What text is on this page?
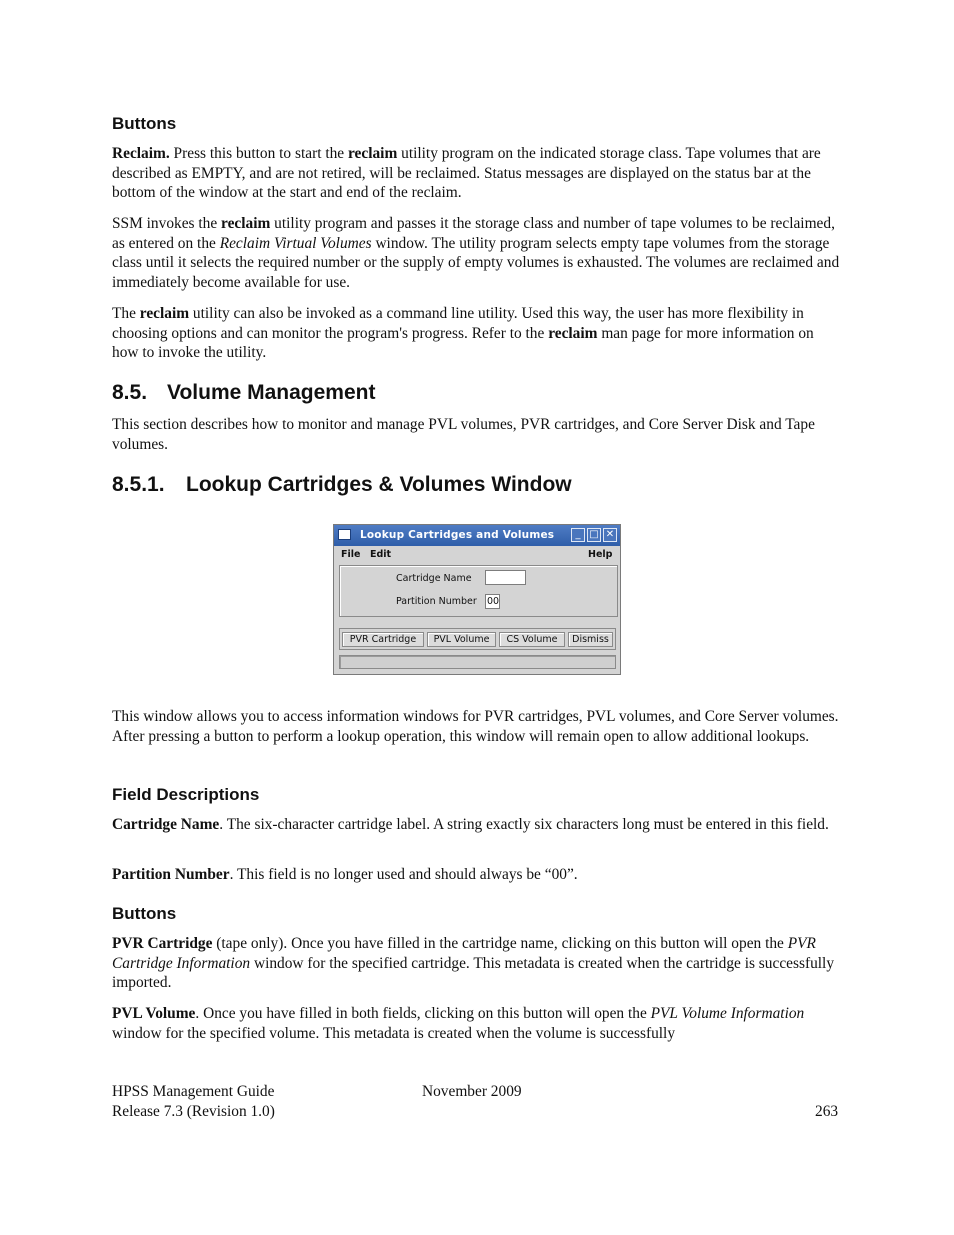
Buttons
Reclaim. Press this button to start the reclaim utility program on the indicated storage class. Tape volumes that are described as EMPTY, and are not retired, will be reclaimed. Status messages are displayed on the status bar at the bottom of the window at the start and end of the reclaim.
SSM invokes the reclaim utility program and passes it the storage class and number of tape volumes to be reclaimed, as entered on the Reclaim Virtual Volumes window. The utility program selects empty tape volumes from the storage class until it selects the required number or the supply of empty volumes is exhausted. The volumes are reclaimed and immediately become available for use.
The reclaim utility can also be invoked as a command line utility. Used this way, the user has more flexibility in choosing options and can monitor the program's progress. Refer to the reclaim man page for more information on how to invoke the utility.
8.5. Volume Management
This section describes how to monitor and manage PVL volumes, PVR cartridges, and Core Server Disk and Tape volumes.
8.5.1. Lookup Cartridges & Volumes Window
This window allows you to access information windows for PVR cartridges, PVL volumes, and Core Server volumes. After pressing a button to perform a lookup operation, this window will remain open to allow additional lookups.
Field Descriptions
Cartridge Name. The six-character cartridge label. A string exactly six characters long must be entered in this field.
Partition Number. This field is no longer used and should always be “00”.
Buttons
PVR Cartridge (tape only). Once you have filled in the cartridge name, clicking on this button will open the PVR Cartridge Information window for the specified cartridge. This metadata is created when the cartridge is successfully imported.
PVL Volume. Once you have filled in both fields, clicking on this button will open the PVL Volume Information window for the specified volume. This metadata is created when the volume is successfully
Lookup Cartridges and Volumes	_ □ ✕
File Edit	Help
Cartridge Name
Partition Number 00
PVR Cartridge	PVL Volume	CS Volume	Dismiss
HPSS Management Guide	November 2009
Release 7.3 (Revision 1.0)	263
